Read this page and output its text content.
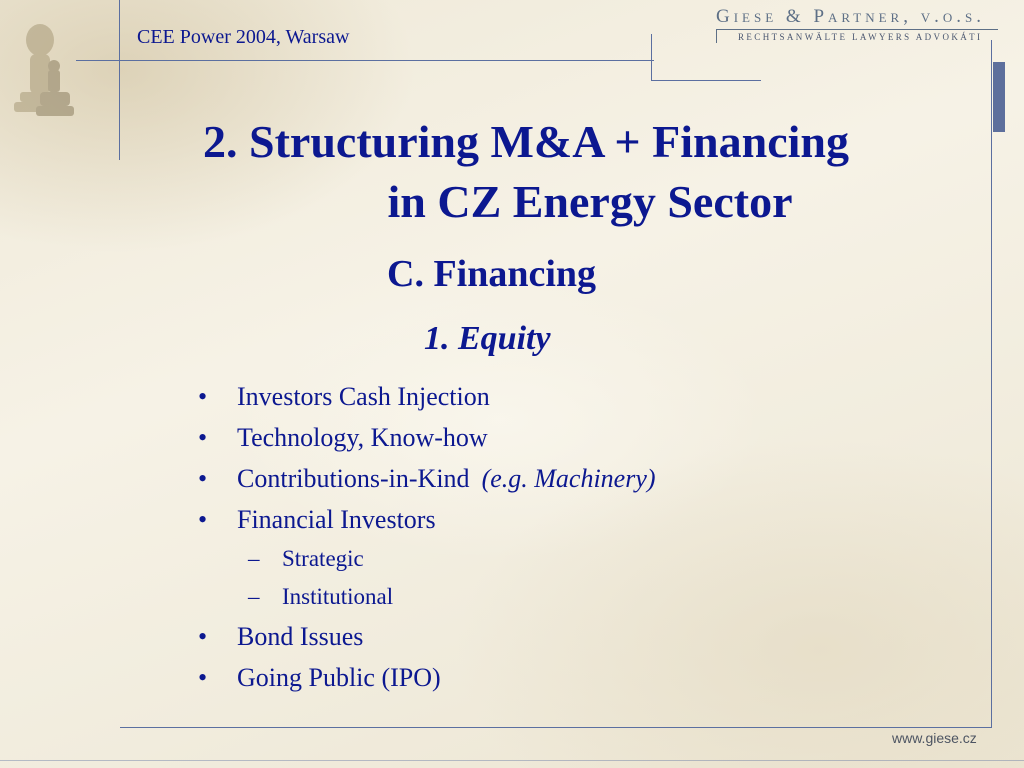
CEE Power 2004, Warsaw
Giese & Partner, v.o.s.
RECHTSANWÄLTE LAWYERS ADVOKÁTI
2. Structuring M&A + Financing
in CZ Energy Sector
C. Financing
1. Equity
• Investors Cash Injection
• Technology, Know-how
• Contributions-in-Kind (e.g. Machinery)
• Financial Investors
– Strategic
– Institutional
• Bond Issues
• Going Public (IPO)
www.giese.cz
